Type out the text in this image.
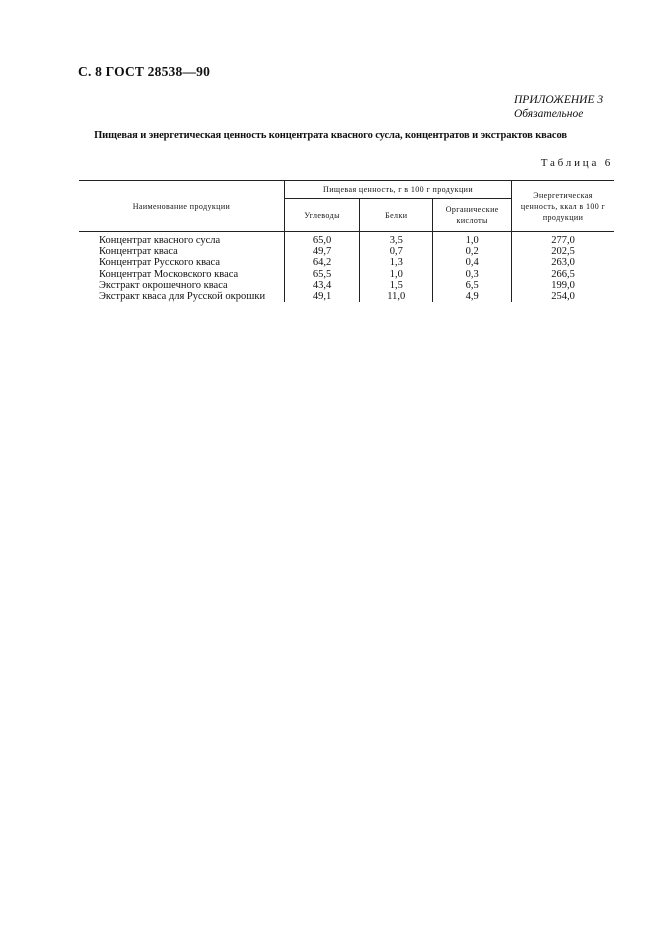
С. 8 ГОСТ 28538—90
ПРИЛОЖЕНИЕ 3
Обязательное
Пищевая и энергетическая ценность концентрата квасного сусла, концентратов и экстрактов квасов
Таблица 6
Наименование продукции	Пищевая ценность, г в 100 г продукции			Энергетическая ценность, ккал в 100 г продукции
	Углеводы	Белки	Органические кислоты	
Концентрат квасного сусла	65,0	3,5	1,0	277,0
Концентрат кваса	49,7	0,7	0,2	202,5
Концентрат Русского кваса	64,2	1,3	0,4	263,0
Концентрат Московского кваса	65,5	1,0	0,3	266,5
Экстракт окрошечного кваса	43,4	1,5	6,5	199,0
Экстракт кваса для Русской окрошки	49,1	11,0	4,9	254,0
